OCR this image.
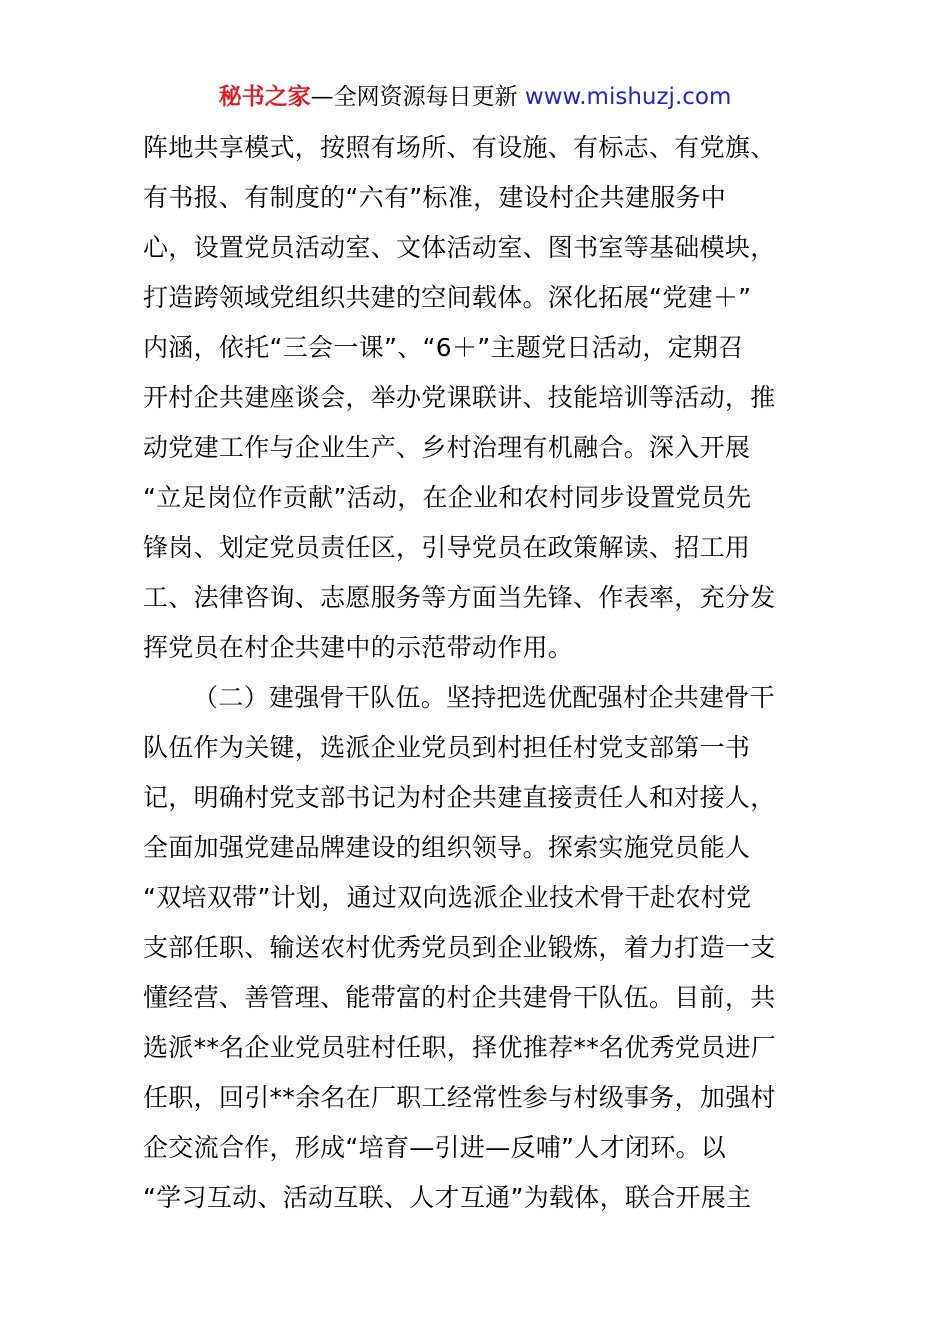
秘书之家—全网资源每日更新 www.mishuzj.com
阵地共享模式，按照有场所、有设施、有标志、有党旗、
有书报、有制度的“六有”标准，建设村企共建服务中
心，设置党员活动室、文体活动室、图书室等基础模块，
打造跨领域党组织共建的空间载体。深化拓展“党建＋”
内涵，依托“三会一课”、“6＋”主题党日活动，定期召
开村企共建座谈会，举办党课联讲、技能培训等活动，推
动党建工作与企业生产、乡村治理有机融合。深入开展
“立足岗位作贡献”活动，在企业和农村同步设置党员先
锋岗、划定党员责任区，引导党员在政策解读、招工用
工、法律咨询、志愿服务等方面当先锋、作表率，充分发
挥党员在村企共建中的示范带动作用。
（二）建强骨干队伍。坚持把选优配强村企共建骨干
队伍作为关键，选派企业党员到村担任村党支部第一书
记，明确村党支部书记为村企共建直接责任人和对接人，
全面加强党建品牌建设的组织领导。探索实施党员能人
“双培双带”计划，通过双向选派企业技术骨干赴农村党
支部任职、输送农村优秀党员到企业锻炼，着力打造一支
懂经营、善管理、能带富的村企共建骨干队伍。目前，共
选派**名企业党员驻村任职，择优推荐**名优秀党员进厂
任职，回引**余名在厂职工经常性参与村级事务，加强村
企交流合作，形成“培育—引进—反哺”人才闭环。以
“学习互动、活动互联、人才互通”为载体，联合开展主
